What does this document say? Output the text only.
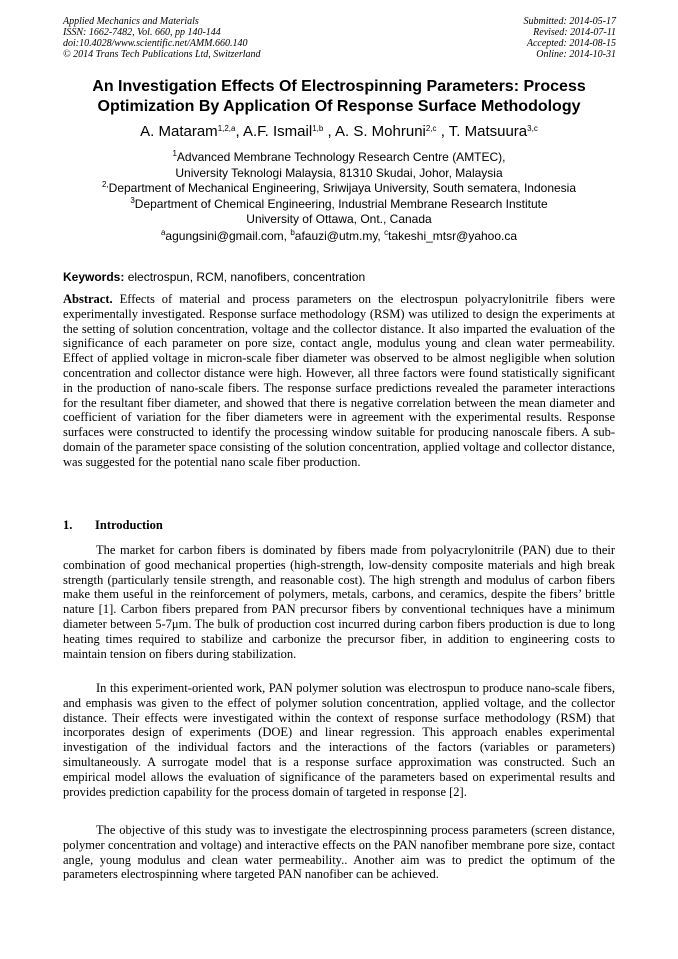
Applied Mechanics and Materials
ISSN: 1662-7482, Vol. 660, pp 140-144
doi:10.4028/www.scientific.net/AMM.660.140
© 2014 Trans Tech Publications Ltd, Switzerland
Submitted: 2014-05-17
Revised: 2014-07-11
Accepted: 2014-08-15
Online: 2014-10-31
An Investigation Effects Of Electrospinning Parameters: Process
Optimization By Application Of Response Surface Methodology
A. Mataram$^{1,2,a}$, A.F. Ismail$^{1,b}$ , A. S. Mohruni$^{2,c}$ , T. Matsuura$^{3,c}$
$^1$Advanced Membrane Technology Research Centre (AMTEC),
University Teknologi Malaysia, 81310 Skudai, Johor, Malaysia
$^{2,}$Department of Mechanical Engineering, Sriwijaya University, South sematera, Indonesia
$^3$Department of Chemical Engineering, Industrial Membrane Research Institute
University of Ottawa, Ont., Canada
$^a$agungsini@gmail.com, $^b$afauzi@utm.my, $^c$takeshi_mtsr@yahoo.ca
Keywords: electrospun, RCM, nanofibers, concentration
Abstract. Effects of material and process parameters on the electrospun polyacrylonitrile fibers were experimentally investigated. Response surface methodology (RSM) was utilized to design the experiments at the setting of solution concentration, voltage and the collector distance. It also imparted the evaluation of the significance of each parameter on pore size, contact angle, modulus young and clean water permeability. Effect of applied voltage in micron-scale fiber diameter was observed to be almost negligible when solution concentration and collector distance were high. However, all three factors were found statistically significant in the production of nano-scale fibers. The response surface predictions revealed the parameter interactions for the resultant fiber diameter, and showed that there is negative correlation between the mean diameter and coefficient of variation for the fiber diameters were in agreement with the experimental results. Response surfaces were constructed to identify the processing window suitable for producing nanoscale fibers. A sub-domain of the parameter space consisting of the solution concentration, applied voltage and collector distance, was suggested for the potential nano scale fiber production.
1. Introduction

The market for carbon fibers is dominated by fibers made from polyacrylonitrile (PAN) due to their combination of good mechanical properties (high-strength, low-density composite materials and high break strength (particularly tensile strength, and reasonable cost). The high strength and modulus of carbon fibers make them useful in the reinforcement of polymers, metals, carbons, and ceramics, despite the fibers’ brittle nature [1]. Carbon fibers prepared from PAN precursor fibers by conventional techniques have a minimum diameter between 5-7μm. The bulk of production cost incurred during carbon fibers production is due to long heating times required to stabilize and carbonize the precursor fiber, in addition to engineering costs to maintain tension on fibers during stabilization.

In this experiment-oriented work, PAN polymer solution was electrospun to produce nano-scale fibers, and emphasis was given to the effect of polymer solution concentration, applied voltage, and the collector distance. Their effects were investigated within the context of response surface methodology (RSM) that incorporates design of experiments (DOE) and linear regression. This approach enables experimental investigation of the individual factors and the interactions of the factors (variables or parameters) simultaneously. A surrogate model that is a response surface approximation was constructed. Such an empirical model allows the evaluation of significance of the parameters based on experimental results and provides prediction capability for the process domain of targeted in response [2].

The objective of this study was to investigate the electrospinning process parameters (screen distance, polymer concentration and voltage) and interactive effects on the PAN nanofiber membrane pore size, contact angle, young modulus and clean water permeability.. Another aim was to predict the optimum of the parameters electrospinning where targeted PAN nanofiber can be achieved.
